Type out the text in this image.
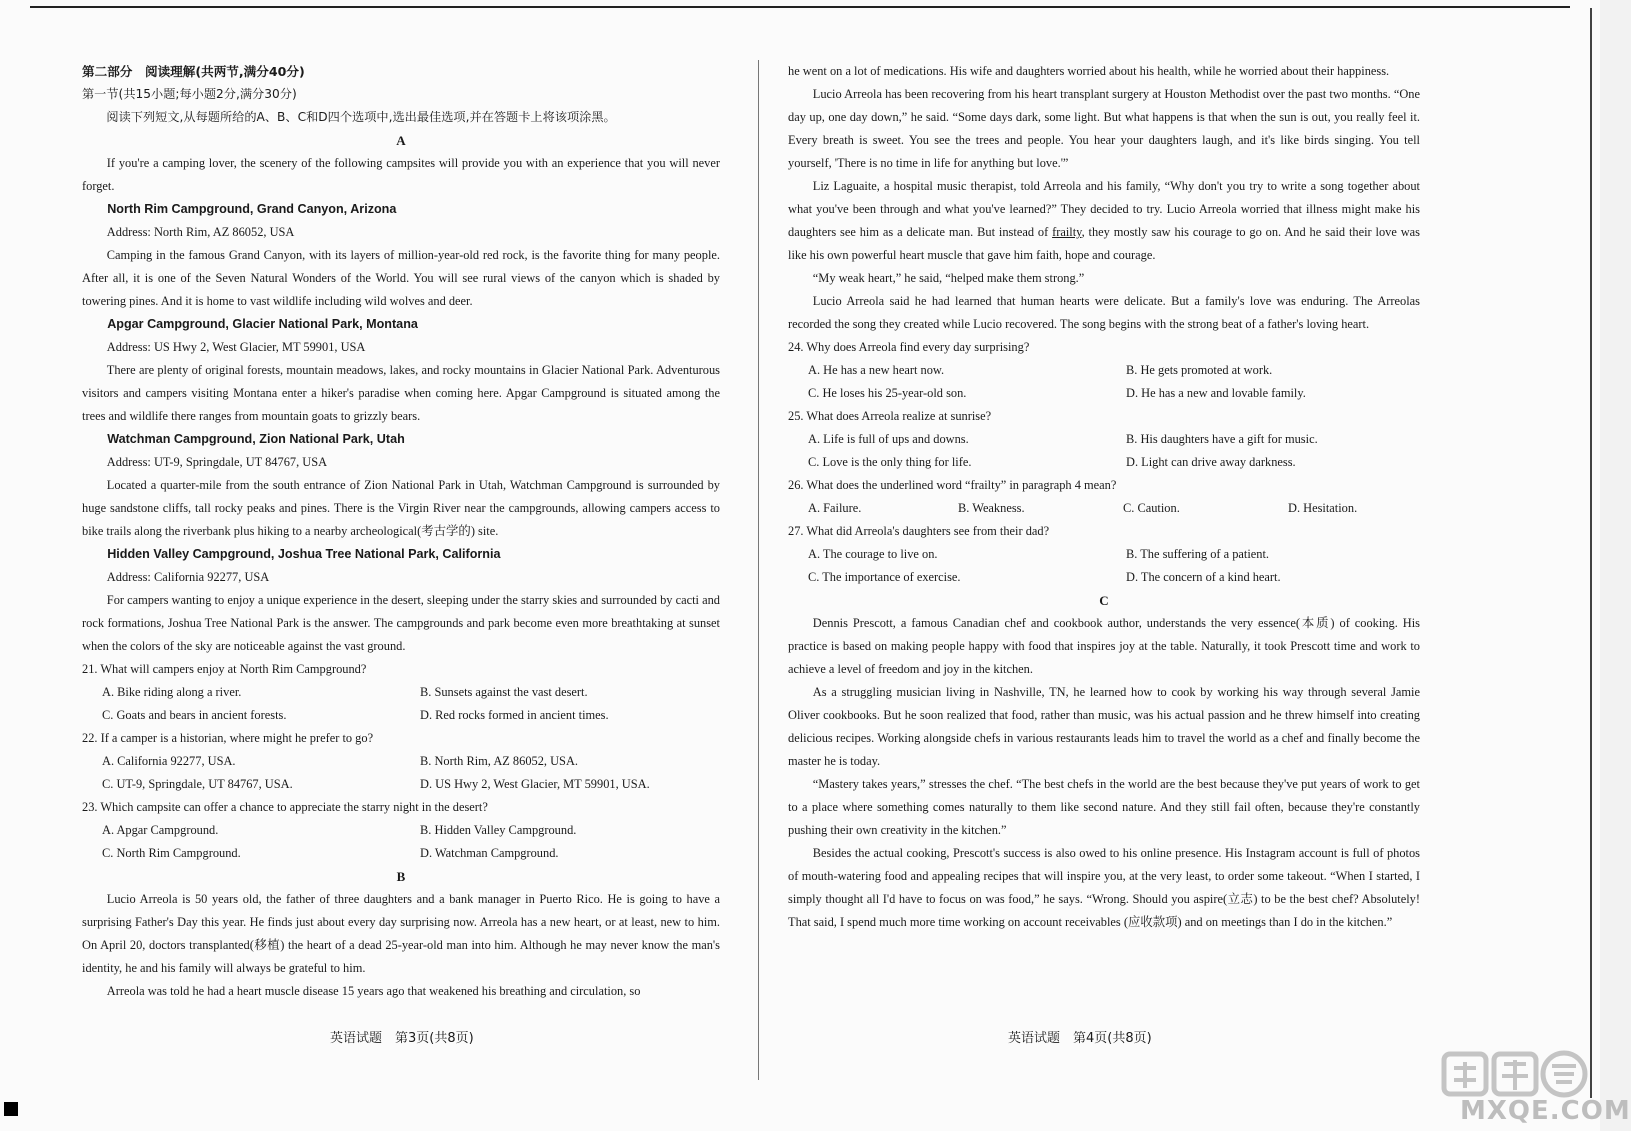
第二部分　阅读理解(共两节,满分40分)

第一节(共15小题;每小题2分,满分30分)

阅读下列短文,从每题所给的A、B、C和D四个选项中,选出最佳选项,并在答题卡上将该项涂黑。

A

If you're a camping lover, the scenery of the following campsites will provide you with an experience that you will never forget.

North Rim Campground, Grand Canyon, Arizona

Address: North Rim, AZ 86052, USA

Camping in the famous Grand Canyon, with its layers of million-year-old red rock, is the favorite thing for many people. After all, it is one of the Seven Natural Wonders of the World. You will see rural views of the canyon which is shaded by towering pines. And it is home to vast wildlife including wild wolves and deer.

Apgar Campground, Glacier National Park, Montana

Address: US Hwy 2, West Glacier, MT 59901, USA

There are plenty of original forests, mountain meadows, lakes, and rocky mountains in Glacier National Park. Adventurous visitors and campers visiting Montana enter a hiker's paradise when coming here. Apgar Campground is situated among the trees and wildlife there ranges from mountain goats to grizzly bears.

Watchman Campground, Zion National Park, Utah

Address: UT-9, Springdale, UT 84767, USA

Located a quarter-mile from the south entrance of Zion National Park in Utah, Watchman Campground is surrounded by huge sandstone cliffs, tall rocky peaks and pines. There is the Virgin River near the campgrounds, allowing campers access to bike trails along the riverbank plus hiking to a nearby archeological(考古学的) site.

Hidden Valley Campground, Joshua Tree National Park, California

Address: California 92277, USA

For campers wanting to enjoy a unique experience in the desert, sleeping under the starry skies and surrounded by cacti and rock formations, Joshua Tree National Park is the answer. The campgrounds and park become even more breathtaking at sunset when the colors of the sky are noticeable against the vast ground.

21. What will campers enjoy at North Rim Campground?

A. Bike riding along a river.	B. Sunsets against the vast desert.
C. Goats and bears in ancient forests.	D. Red rocks formed in ancient times.

22. If a camper is a historian, where might he prefer to go?

A. California 92277, USA.	B. North Rim, AZ 86052, USA.
C. UT-9, Springdale, UT 84767, USA.	D. US Hwy 2, West Glacier, MT 59901, USA.

23. Which campsite can offer a chance to appreciate the starry night in the desert?

A. Apgar Campground.	B. Hidden Valley Campground.
C. North Rim Campground.	D. Watchman Campground.

B

Lucio Arreola is 50 years old, the father of three daughters and a bank manager in Puerto Rico. He is going to have a surprising Father's Day this year. He finds just about every day surprising now. Arreola has a new heart, or at least, new to him. On April 20, doctors transplanted(移植) the heart of a dead 25-year-old man into him. Although he may never know the man's identity, he and his family will always be grateful to him.

Arreola was told he had a heart muscle disease 15 years ago that weakened his breathing and circulation, so

he went on a lot of medications. His wife and daughters worried about his health, while he worried about their happiness.

Lucio Arreola has been recovering from his heart transplant surgery at Houston Methodist over the past two months. “One day up, one day down,” he said. “Some days dark, some light. But what happens is that when the sun is out, you really feel it. Every breath is sweet. You see the trees and people. You hear your daughters laugh, and it's like birds singing. You tell yourself, 'There is no time in life for anything but love.'”

Liz Laguaite, a hospital music therapist, told Arreola and his family, “Why don't you try to write a song together about what you've been through and what you've learned?” They decided to try. Lucio Arreola worried that illness might make his daughters see him as a delicate man. But instead of frailty, they mostly saw his courage to go on. And he said their love was like his own powerful heart muscle that gave him faith, hope and courage.

“My weak heart,” he said, “helped make them strong.”

Lucio Arreola said he had learned that human hearts were delicate. But a family's love was enduring. The Arreolas recorded the song they created while Lucio recovered. The song begins with the strong beat of a father's loving heart.

24. Why does Arreola find every day surprising?

A. He has a new heart now.	B. He gets promoted at work.
C. He loses his 25-year-old son.	D. He has a new and lovable family.

25. What does Arreola realize at sunrise?

A. Life is full of ups and downs.	B. His daughters have a gift for music.
C. Love is the only thing for life.	D. Light can drive away darkness.

26. What does the underlined word “frailty” in paragraph 4 mean?

A. Failure.	B. Weakness.	C. Caution.	D. Hesitation.

27. What did Arreola's daughters see from their dad?

A. The courage to live on.	B. The suffering of a patient.
C. The importance of exercise.	D. The concern of a kind heart.

C

Dennis Prescott, a famous Canadian chef and cookbook author, understands the very essence(本质) of cooking. His practice is based on making people happy with food that inspires joy at the table. Naturally, it took Prescott time and work to achieve a level of freedom and joy in the kitchen.

As a struggling musician living in Nashville, TN, he learned how to cook by working his way through several Jamie Oliver cookbooks. But he soon realized that food, rather than music, was his actual passion and he threw himself into creating delicious recipes. Working alongside chefs in various restaurants leads him to travel the world as a chef and finally become the master he is today.

“Mastery takes years,” stresses the chef. “The best chefs in the world are the best because they've put years of work to get to a place where something comes naturally to them like second nature. And they still fail often, because they're constantly pushing their own creativity in the kitchen.”

Besides the actual cooking, Prescott's success is also owed to his online presence. His Instagram account is full of photos of mouth-watering food and appealing recipes that will inspire you, at the very least, to order some takeout. “When I started, I simply thought all I'd have to focus on was food,” he says. “Wrong. Should you aspire(立志) to be the best chef? Absolutely! That said, I spend much more time working on account receivables (应收款项) and on meetings than I do in the kitchen.”

英语试题　第3页(共8页)	英语试题　第4页(共8页)
MXQE.COM
